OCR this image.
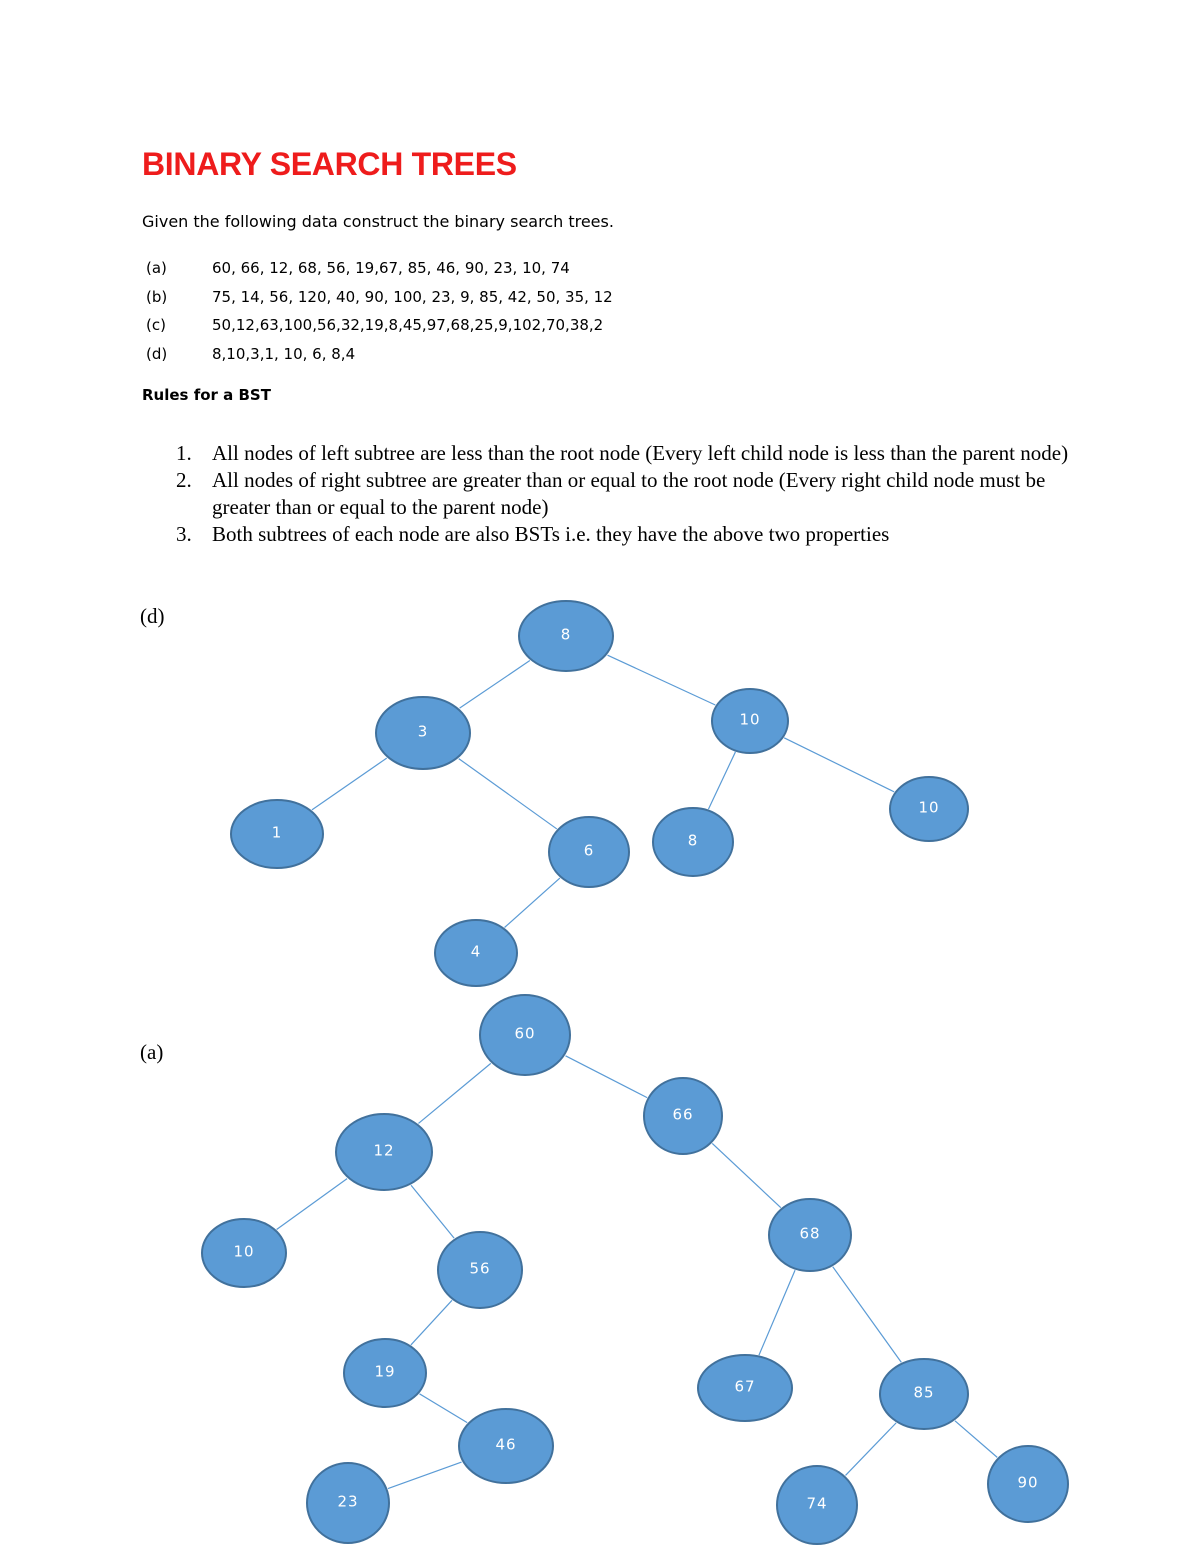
BINARY SEARCH TREES
Given the following data construct the binary search trees.
(a)	60, 66, 12, 68, 56, 19,67, 85, 46, 90, 23, 10, 74
(b)	75, 14, 56, 120, 40, 90, 100, 23, 9, 85, 42, 50, 35, 12
(c)	50,12,63,100,56,32,19,8,45,97,68,25,9,102,70,38,2
(d)	8,10,3,1, 10, 6, 8,4
Rules for a BST
1. All nodes of left subtree are less than the root node (Every left child node is less than the parent node)
2. All nodes of right subtree are greater than or equal to the root node (Every right child node must be greater than or equal to the parent node)
3. Both subtrees of each node are also BSTs i.e. they have the above two properties
(d)
(a)
8
3
10
1
6
8
10
4
60
12
66
10
56
68
19
67	85
46
23	74
90
